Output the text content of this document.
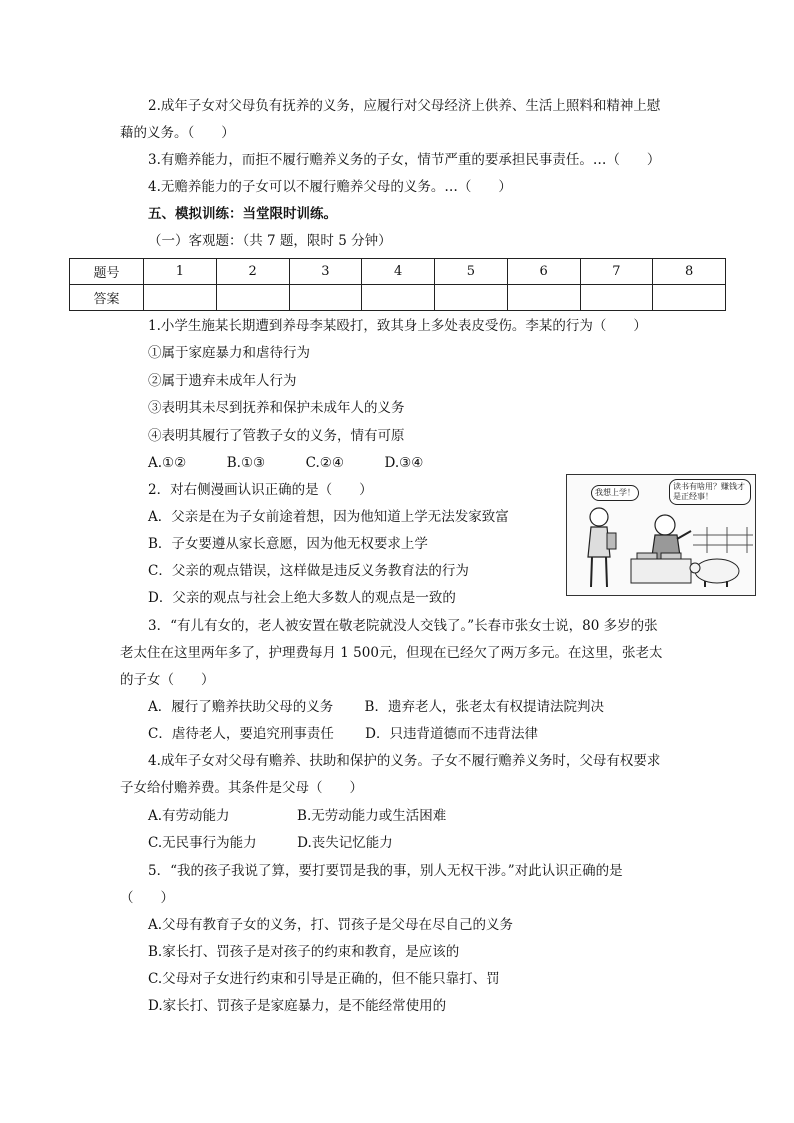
2.成年子女对父母负有抚养的义务，应履行对父母经济上供养、生活上照料和精神上慰
藉的义务。（　　）
3.有赡养能力，而拒不履行赡养义务的子女，情节严重的要承担民事责任。…（　　）
4.无赡养能力的子女可以不履行赡养父母的义务。…（　　）
五、模拟训练：当堂限时训练。
（一）客观题：（共 7 题，限时 5 分钟）
1.小学生施某长期遭到养母李某殴打，致其身上多处表皮受伤。李某的行为（　　）
①属于家庭暴力和虐待行为
②属于遗弃未成年人行为
③表明其未尽到抚养和保护未成年人的义务
④表明其履行了管教子女的义务，情有可原
A.①②　　　B.①③　　　C.②④　　　D.③④
2．对右侧漫画认识正确的是（　　）
A．父亲是在为子女前途着想，因为他知道上学无法发家致富
B．子女要遵从家长意愿，因为他无权要求上学
C．父亲的观点错误，这样做是违反义务教育法的行为
D．父亲的观点与社会上绝大多数人的观点是一致的
3．“有儿有女的，老人被安置在敬老院就没人交钱了。”长春市张女士说，80 多岁的张
老太住在这里两年多了，护理费每月 1 500元，但现在已经欠了两万多元。在这里，张老太
的子女（　　）
A．履行了赡养扶助父母的义务　　 B．遗弃老人，张老太有权提请法院判决
C．虐待老人，要追究刑事责任　　 D．只违背道德而不违背法律
4.成年子女对父母有赡养、扶助和保护的义务。子女不履行赡养义务时，父母有权要求
子女给付赡养费。其条件是父母（　　）
A.有劳动能力　　　　　B.无劳动能力或生活困难
C.无民事行为能力　　　D.丧失记忆能力
5．“我的孩子我说了算，要打要罚是我的事，别人无权干涉。”对此认识正确的是
（　　）
A.父母有教育子女的义务，打、罚孩子是父母在尽自己的义务
B.家长打、罚孩子是对孩子的约束和教育，是应该的
C.父母对子女进行约束和引导是正确的，但不能只靠打、罚
D.家长打、罚孩子是家庭暴力，是不能经常使用的
题号	1	2	3	4	5	6	7	8
答案								
我想上学！
读书有啥用？赚钱才是正经事！
